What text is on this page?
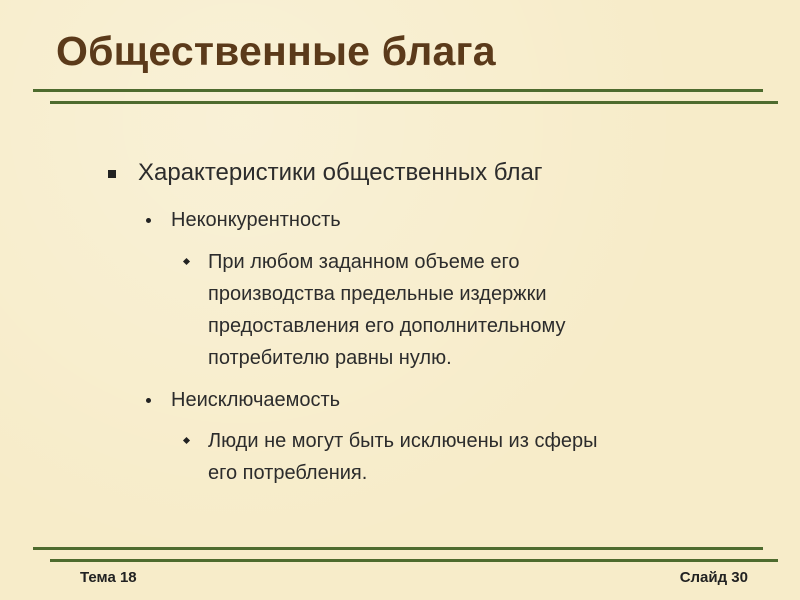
Общественные блага
Характеристики общественных благ
Неконкурентность
При любом заданном объеме его
производства предельные издержки
предоставления его дополнительному
потребителю равны нулю.
Неисключаемость
Люди не могут быть исключены из сферы
его потребления.
Тема 18	Слайд 30
